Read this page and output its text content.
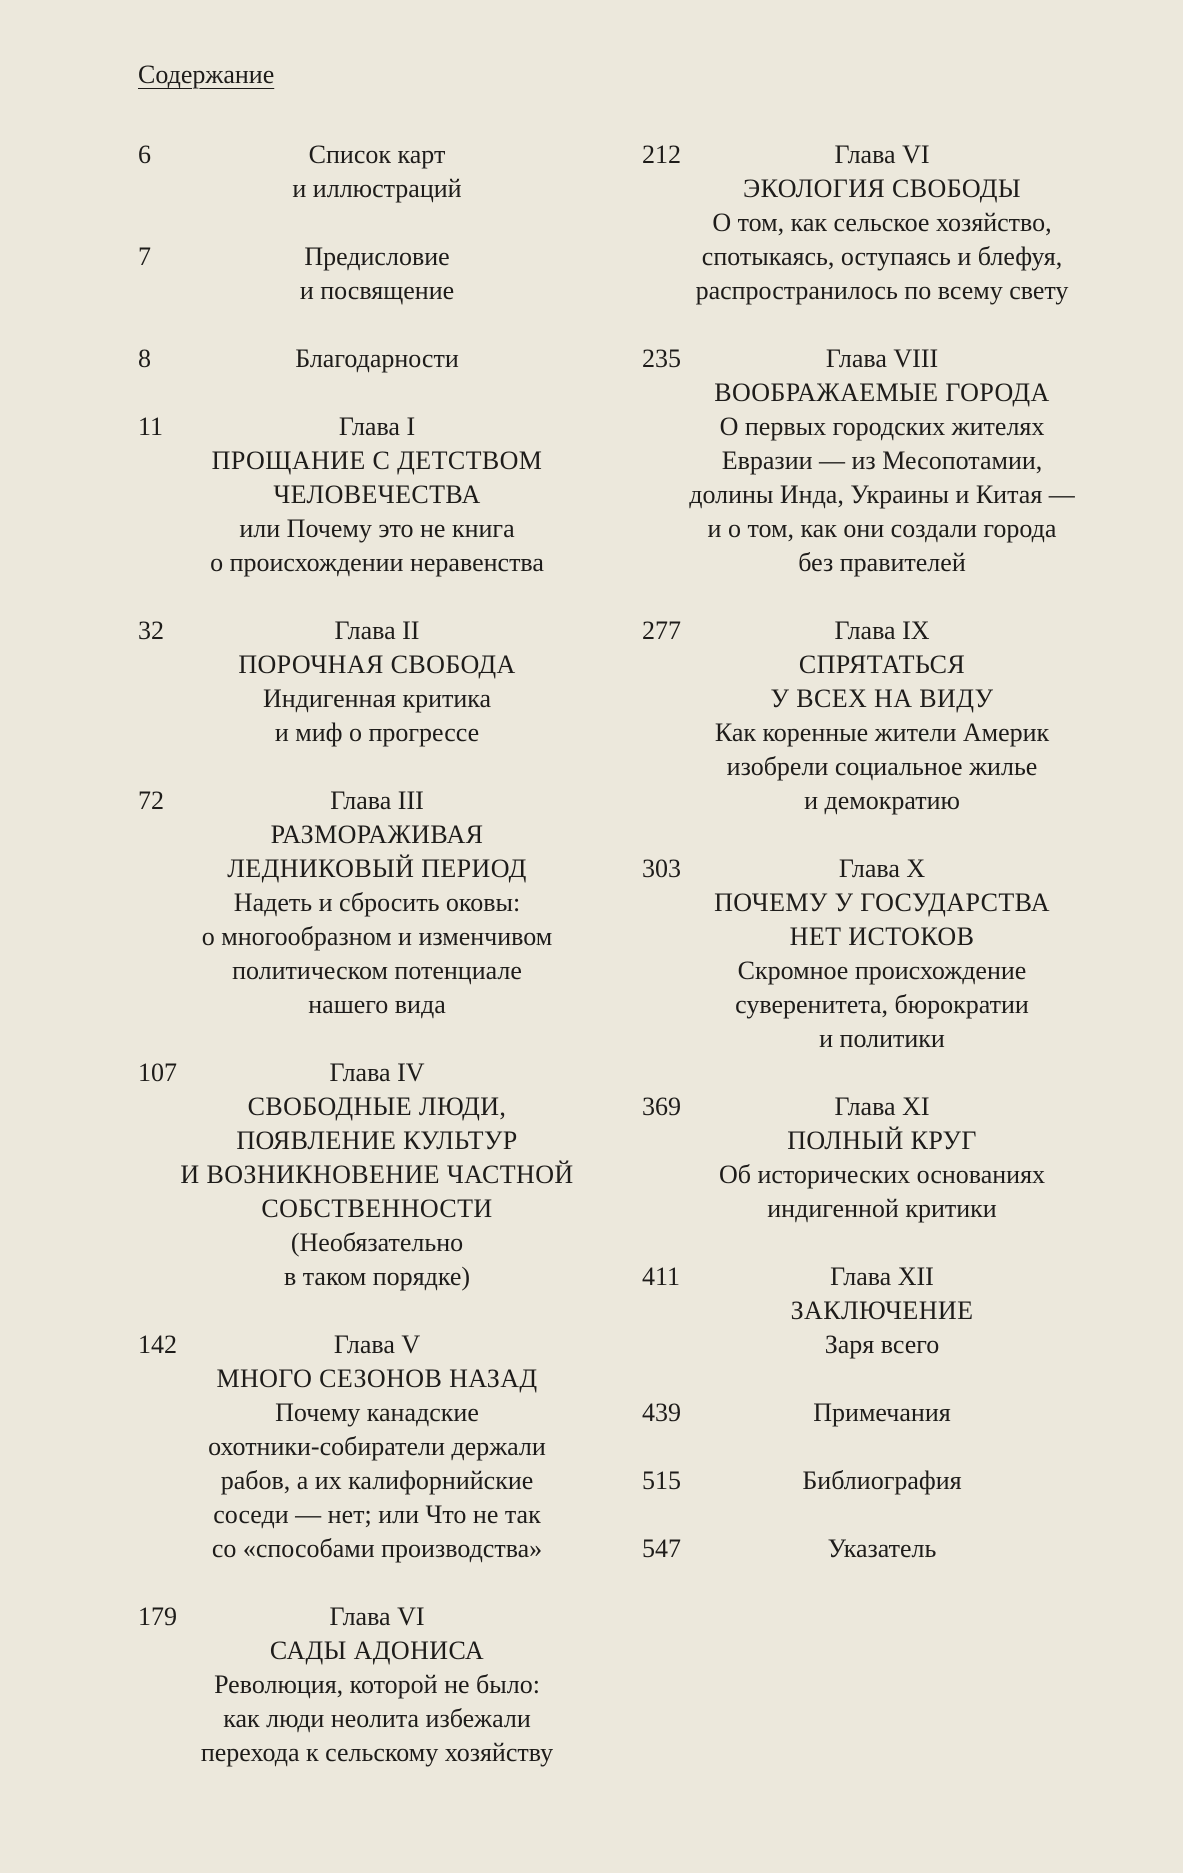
Содержание
6	Список карт
и иллюстраций
7	Предисловие
и посвящение
8	Благодарности
11	Глава I
ПРОЩАНИЕ С ДЕТСТВОМ
ЧЕЛОВЕЧЕСТВА
или Почему это не книга
о происхождении неравенства
32	Глава II
ПОРОЧНАЯ СВОБОДА
Индигенная критика
и миф о прогрессе
72	Глава III
РАЗМОРАЖИВАЯ
ЛЕДНИКОВЫЙ ПЕРИОД
Надеть и сбросить оковы:
о многообразном и изменчивом
политическом потенциале
нашего вида
107	Глава IV
СВОБОДНЫЕ ЛЮДИ,
ПОЯВЛЕНИЕ КУЛЬТУР
И ВОЗНИКНОВЕНИЕ ЧАСТНОЙ
СОБСТВЕННОСТИ
(Необязательно
в таком порядке)
142	Глава V
МНОГО СЕЗОНОВ НАЗАД
Почему канадские
охотники-собиратели держали
рабов, а их калифорнийские
соседи — нет; или Что не так
со «способами производства»
179	Глава VI
САДЫ АДОНИСА
Революция, которой не было:
как люди неолита избежали
перехода к сельскому хозяйству
212	Глава VI
ЭКОЛОГИЯ СВОБОДЫ
О том, как сельское хозяйство,
спотыкаясь, оступаясь и блефуя,
распространилось по всему свету
235	Глава VIII
ВООБРАЖАЕМЫЕ ГОРОДА
О первых городских жителях
Евразии — из Месопотамии,
долины Инда, Украины и Китая —
и о том, как они создали города
без правителей
277	Глава IX
СПРЯТАТЬСЯ
У ВСЕХ НА ВИДУ
Как коренные жители Америк
изобрели социальное жилье
и демократию
303	Глава X
ПОЧЕМУ У ГОСУДАРСТВА
НЕТ ИСТОКОВ
Скромное происхождение
суверенитета, бюрократии
и политики
369	Глава XI
ПОЛНЫЙ КРУГ
Об исторических основаниях
индигенной критики
411	Глава XII
ЗАКЛЮЧЕНИЕ
Заря всего
439	Примечания
515	Библиография
547	Указатель
